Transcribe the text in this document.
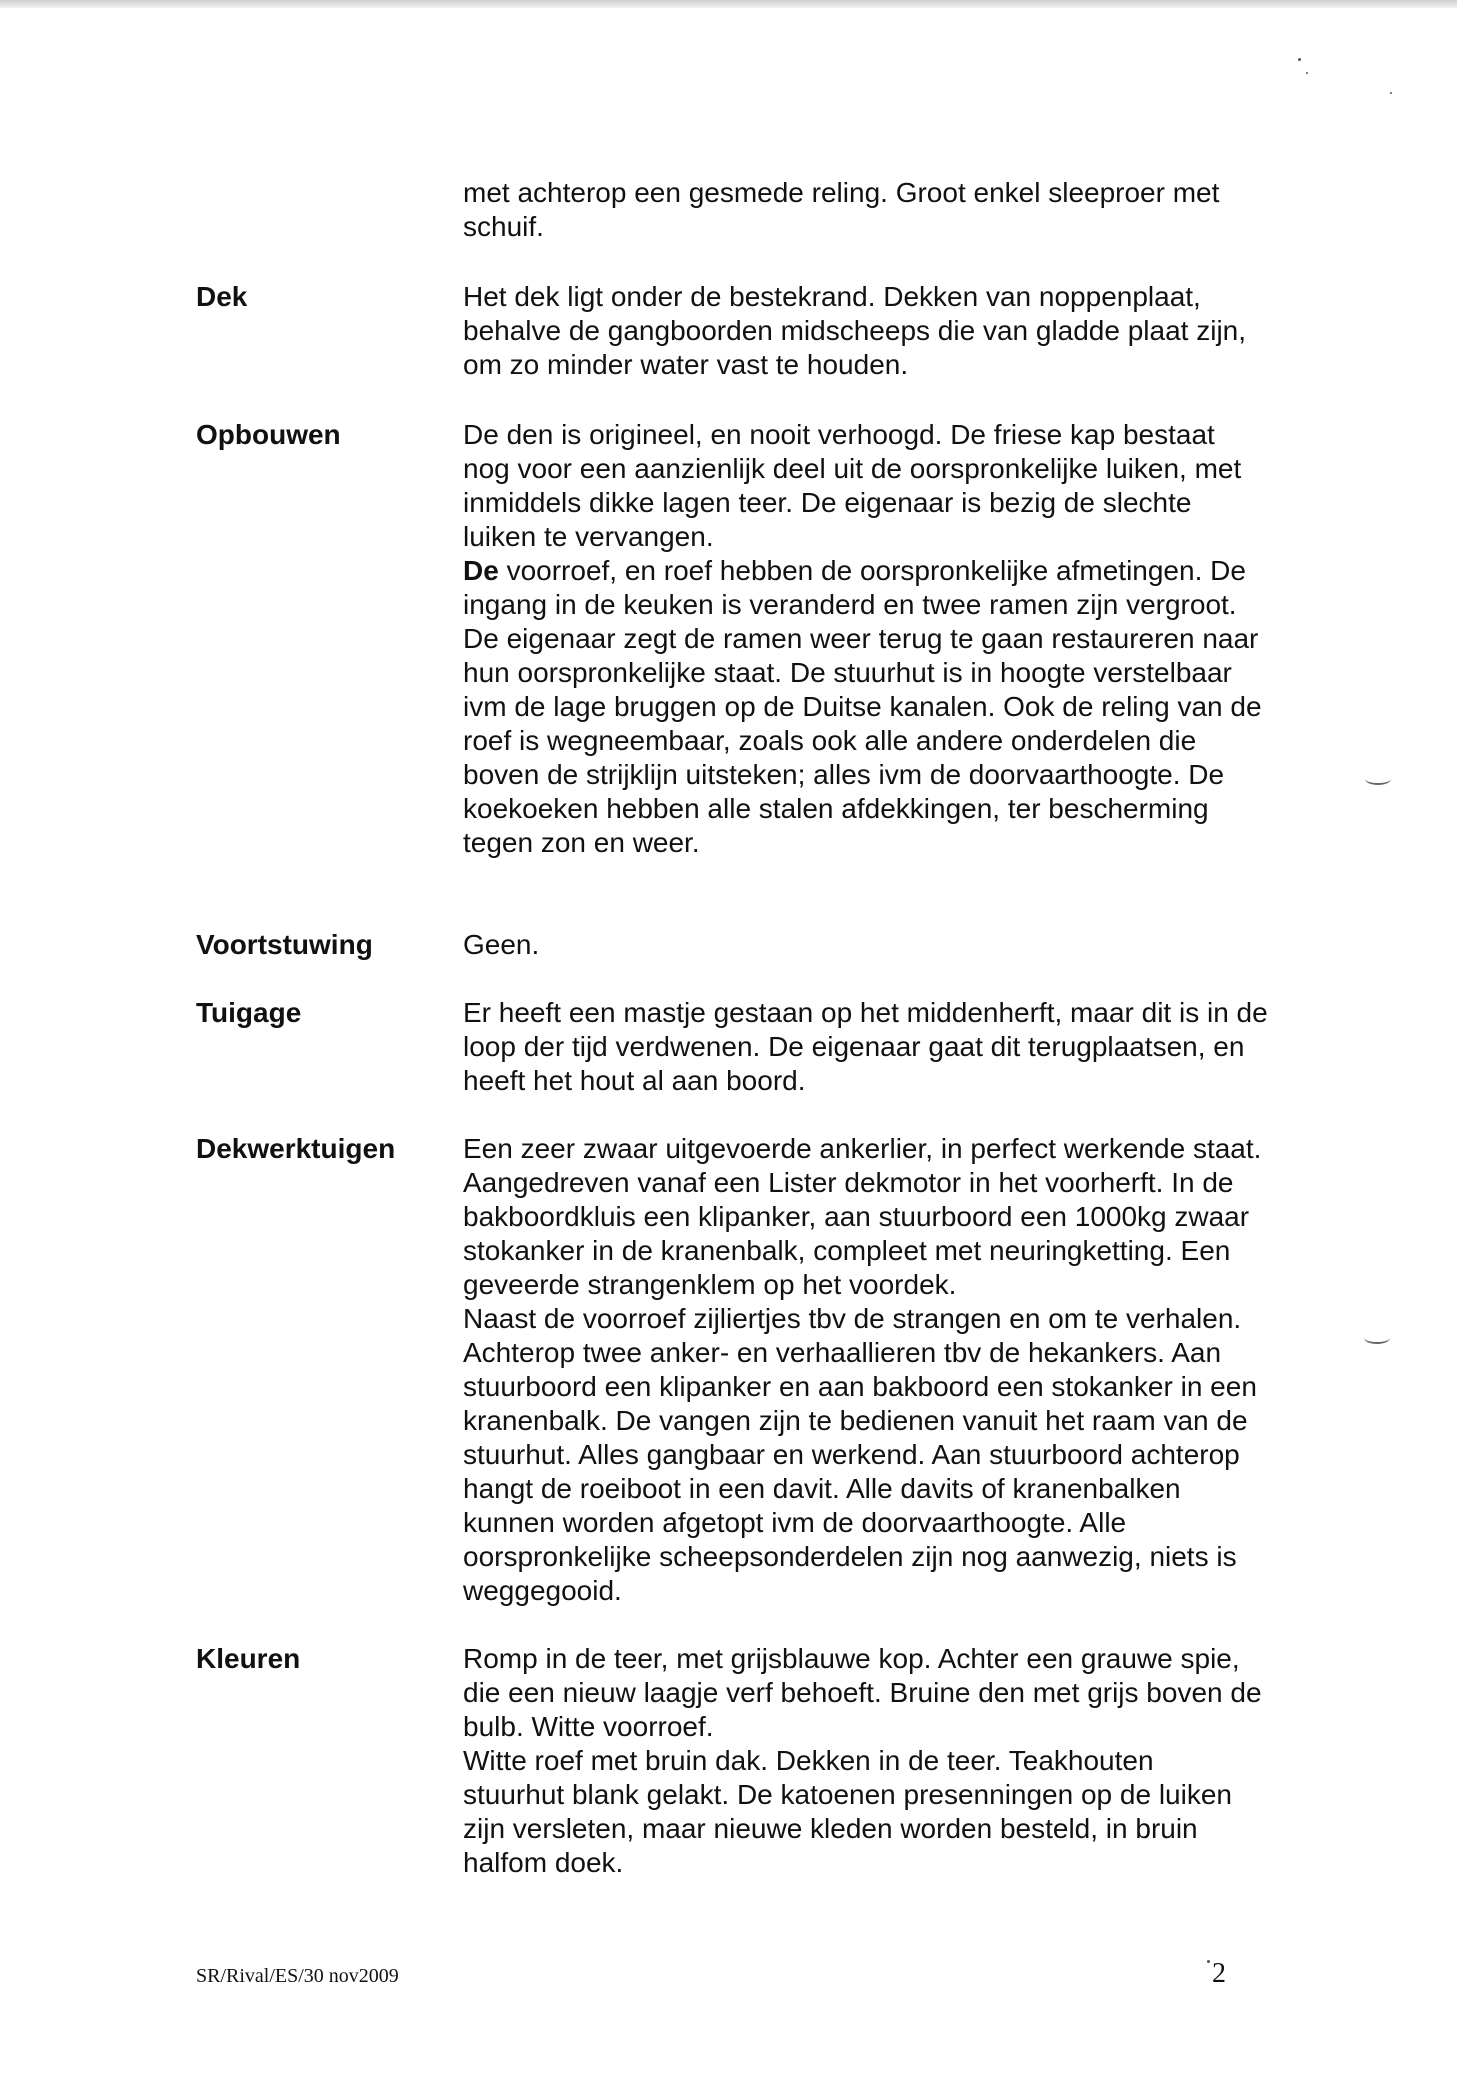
met achterop een gesmede reling. Groot enkel sleeproer met
schuif.
Dek	Het dek ligt onder de bestekrand. Dekken van noppenplaat,
behalve de gangboorden midscheeps die van gladde plaat zijn,
om zo minder water vast te houden.
Opbouwen	De den is origineel, en nooit verhoogd. De friese kap bestaat
nog voor een aanzienlijk deel uit de oorspronkelijke luiken, met
inmiddels dikke lagen teer. De eigenaar is bezig de slechte
luiken te vervangen.
De voorroef, en roef hebben de oorspronkelijke afmetingen. De
ingang in de keuken is veranderd en twee ramen zijn vergroot.
De eigenaar zegt de ramen weer terug te gaan restaureren naar
hun oorspronkelijke staat. De stuurhut is in hoogte verstelbaar
ivm de lage bruggen op de Duitse kanalen. Ook de reling van de
roef is wegneembaar, zoals ook alle andere onderdelen die
boven de strijklijn uitsteken; alles ivm de doorvaarthoogte. De
koekoeken hebben alle stalen afdekkingen, ter bescherming
tegen zon en weer.
Voortstuwing	Geen.
Tuigage	Er heeft een mastje gestaan op het middenherft, maar dit is in de
loop der tijd verdwenen. De eigenaar gaat dit terugplaatsen, en
heeft het hout al aan boord.
Dekwerktuigen	Een zeer zwaar uitgevoerde ankerlier, in perfect werkende staat.
Aangedreven vanaf een Lister dekmotor in het voorherft. In de
bakboordkluis een klipanker, aan stuurboord een 1000kg zwaar
stokanker in de kranenbalk, compleet met neuringketting. Een
geveerde strangenklem op het voordek.
Naast de voorroef zijliertjes tbv de strangen en om te verhalen.
Achterop twee anker- en verhaallieren tbv de hekankers. Aan
stuurboord een klipanker en aan bakboord een stokanker in een
kranenbalk. De vangen zijn te bedienen vanuit het raam van de
stuurhut. Alles gangbaar en werkend. Aan stuurboord achterop
hangt de roeiboot in een davit. Alle davits of kranenbalken
kunnen worden afgetopt ivm de doorvaarthoogte. Alle
oorspronkelijke scheepsonderdelen zijn nog aanwezig, niets is
weggegooid.
Kleuren	Romp in de teer, met grijsblauwe kop. Achter een grauwe spie,
die een nieuw laagje verf behoeft. Bruine den met grijs boven de
bulb. Witte voorroef.
Witte roef met bruin dak. Dekken in de teer. Teakhouten
stuurhut blank gelakt. De katoenen presenningen op de luiken
zijn versleten, maar nieuwe kleden worden besteld, in bruin
halfom doek.
SR/Rival/ES/30 nov2009	2
